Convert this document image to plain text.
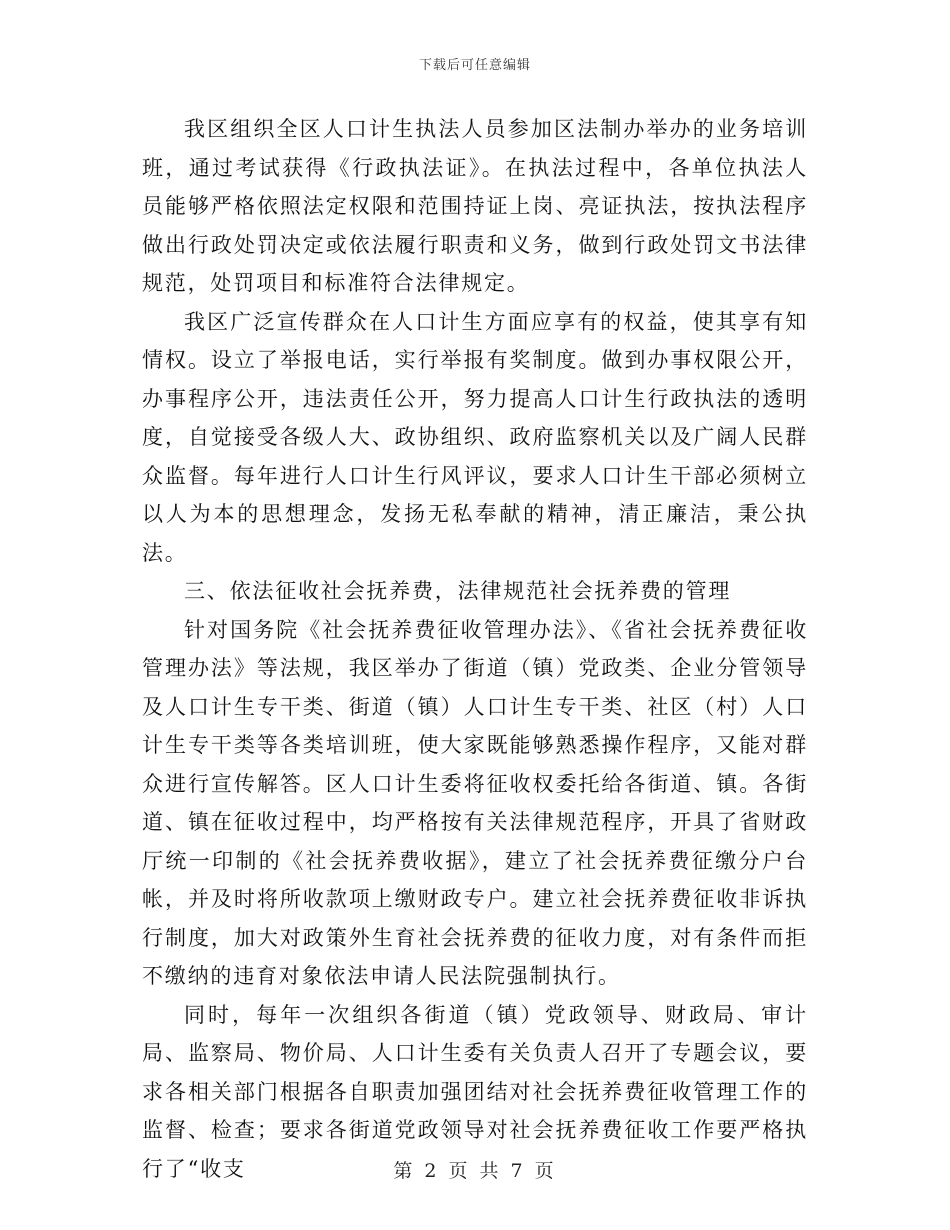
下载后可任意编辑

我区组织全区人口计生执法人员参加区法制办举办的业务培训班，通过考试获得《行政执法证》。在执法过程中，各单位执法人员能够严格依照法定权限和范围持证上岗、亮证执法，按执法程序做出行政处罚决定或依法履行职责和义务，做到行政处罚文书法律规范，处罚项目和标准符合法律规定。

我区广泛宣传群众在人口计生方面应享有的权益，使其享有知情权。设立了举报电话，实行举报有奖制度。做到办事权限公开，办事程序公开，违法责任公开，努力提高人口计生行政执法的透明度，自觉接受各级人大、政协组织、政府监察机关以及广阔人民群众监督。每年进行人口计生行风评议，要求人口计生干部必须树立以人为本的思想理念，发扬无私奉献的精神，清正廉洁，秉公执法。

三、依法征收社会抚养费，法律规范社会抚养费的管理

针对国务院《社会抚养费征收管理办法》、《省社会抚养费征收管理办法》等法规，我区举办了街道（镇）党政类、企业分管领导及人口计生专干类、街道（镇）人口计生专干类、社区（村）人口计生专干类等各类培训班，使大家既能够熟悉操作程序，又能对群众进行宣传解答。区人口计生委将征收权委托给各街道、镇。各街道、镇在征收过程中，均严格按有关法律规范程序，开具了省财政厅统一印制的《社会抚养费收据》，建立了社会抚养费征缴分户台帐，并及时将所收款项上缴财政专户。建立社会抚养费征收非诉执行制度，加大对政策外生育社会抚养费的征收力度，对有条件而拒不缴纳的违育对象依法申请人民法院强制执行。

同时，每年一次组织各街道（镇）党政领导、财政局、审计局、监察局、物价局、人口计生委有关负责人召开了专题会议，要求各相关部门根据各自职责加强团结对社会抚养费征收管理工作的监督、检查；要求各街道党政领导对社会抚养费征收工作要严格执行了“收支	第 2 页 共 7 页
